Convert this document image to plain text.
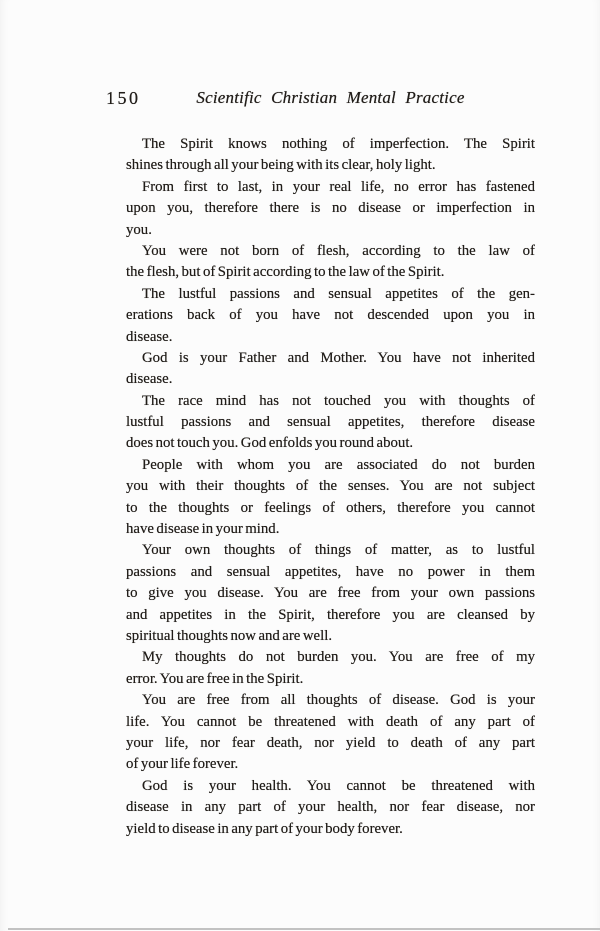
150	Scientific Christian Mental Practice
The Spirit knows nothing of imperfection. The Spirit
shines through all your being with its clear, holy light.
From first to last, in your real life, no error has fastened
upon you, therefore there is no disease or imperfection in
you.
You were not born of flesh, according to the law of
the flesh, but of Spirit according to the law of the Spirit.
The lustful passions and sensual appetites of the gen-
erations back of you have not descended upon you in
disease.
God is your Father and Mother. You have not inherited
disease.
The race mind has not touched you with thoughts of
lustful passions and sensual appetites, therefore disease
does not touch you. God enfolds you round about.
People with whom you are associated do not burden
you with their thoughts of the senses. You are not subject
to the thoughts or feelings of others, therefore you cannot
have disease in your mind.
Your own thoughts of things of matter, as to lustful
passions and sensual appetites, have no power in them
to give you disease. You are free from your own passions
and appetites in the Spirit, therefore you are cleansed by
spiritual thoughts now and are well.
My thoughts do not burden you. You are free of my
error. You are free in the Spirit.
You are free from all thoughts of disease. God is your
life. You cannot be threatened with death of any part of
your life, nor fear death, nor yield to death of any part
of your life forever.
God is your health. You cannot be threatened with
disease in any part of your health, nor fear disease, nor
yield to disease in any part of your body forever.
